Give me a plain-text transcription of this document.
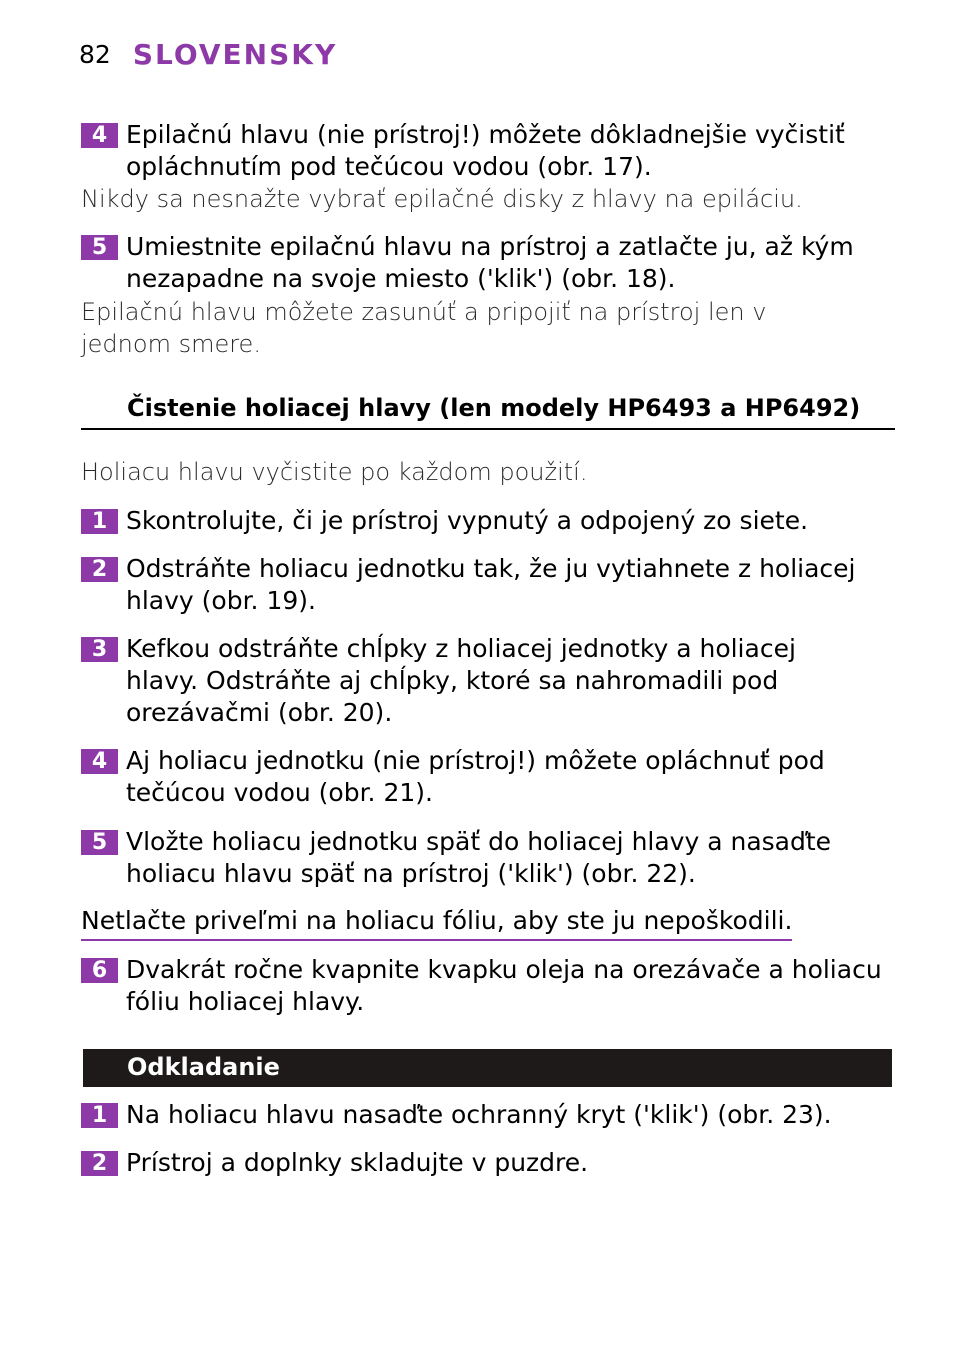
82 SLOVENSKY
4 Epilačnú hlavu (nie prístroj!) môžete dôkladnejšie vyčistiť opláchnutím pod tečúcou vodou (obr. 17).
Nikdy sa nesnažte vybrať epilačné disky z hlavy na epiláciu.
5 Umiestnite epilačnú hlavu na prístroj a zatlačte ju, až kým nezapadne na svoje miesto ('klik') (obr. 18).
Epilačnú hlavu môžete zasunúť a pripojiť na prístroj len v jednom smere.
Čistenie holiacej hlavy (len modely HP6493 a HP6492)
Holiacu hlavu vyčistite po každom použití.
1 Skontrolujte, či je prístroj vypnutý a odpojený zo siete.
2 Odstráňte holiacu jednotku tak, že ju vytiahnete z holiacej hlavy (obr. 19).
3 Kefkou odstráňte chĺpky z holiacej jednotky a holiacej hlavy. Odstráňte aj chĺpky, ktoré sa nahromadili pod orezávačmi (obr. 20).
4 Aj holiacu jednotku (nie prístroj!) môžete opláchnuť pod tečúcou vodou (obr. 21).
5 Vložte holiacu jednotku späť do holiacej hlavy a nasaďte holiacu hlavu späť na prístroj ('klik') (obr. 22).
Netlačte priveľmi na holiacu fóliu, aby ste ju nepoškodili.
6 Dvakrát ročne kvapnite kvapku oleja na orezávače a holiacu fóliu holiacej hlavy.
Odkladanie
1 Na holiacu hlavu nasaďte ochranný kryt ('klik') (obr. 23).
2 Prístroj a doplnky skladujte v puzdre.
